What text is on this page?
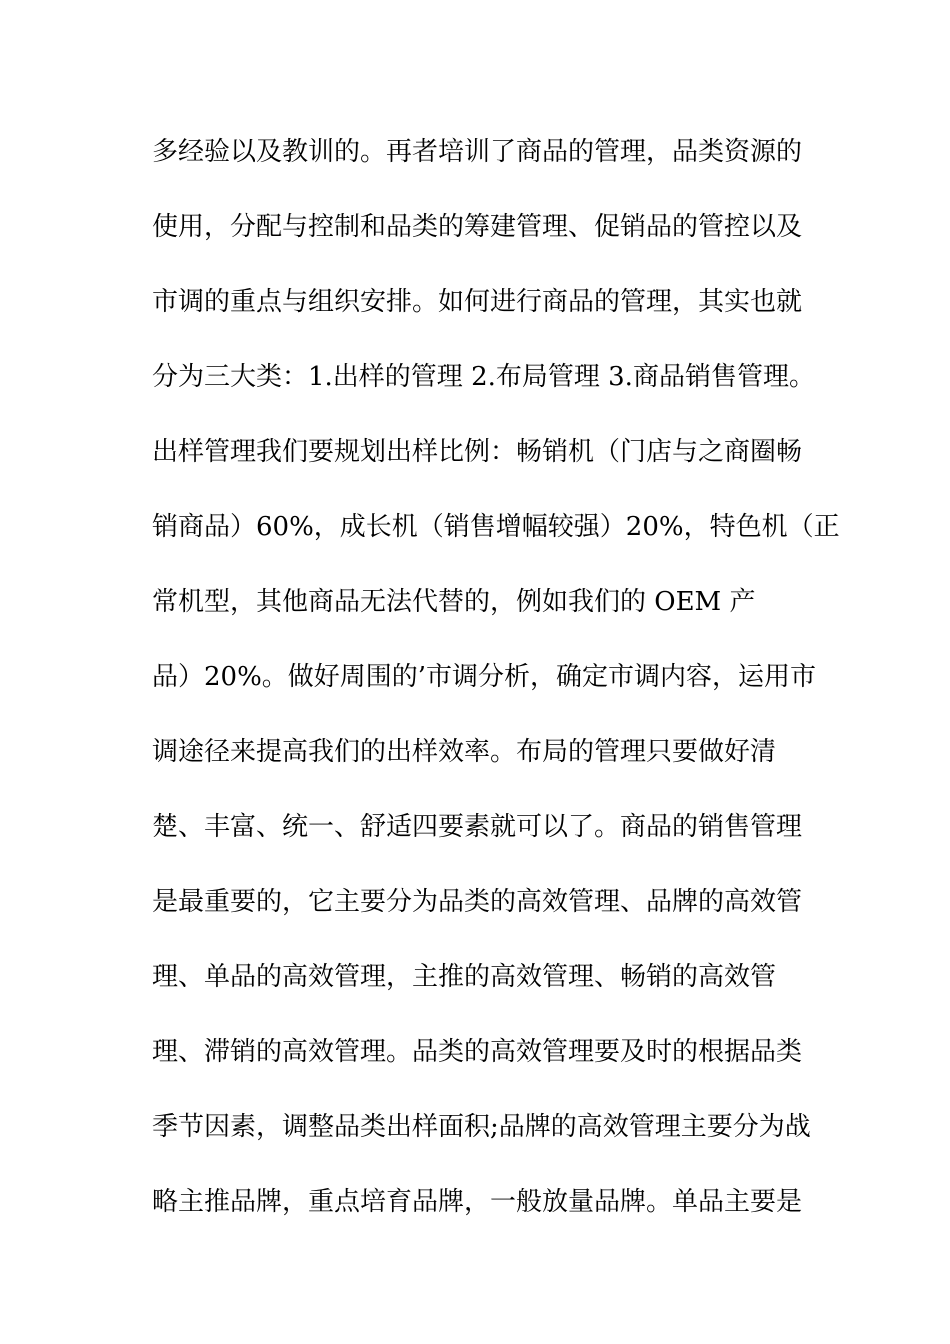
多经验以及教训的。再者培训了商品的管理，品类资源的
使用，分配与控制和品类的筹建管理、促销品的管控以及
市调的重点与组织安排。如何进行商品的管理，其实也就
分为三大类：1.出样的管理 2.布局管理 3.商品销售管理。
出样管理我们要规划出样比例：畅销机（门店与之商圈畅
销商品）60%，成长机（销售增幅较强）20%，特色机（正
常机型，其他商品无法代替的，例如我们的 OEM 产
品）20%。做好周围的’市调分析，确定市调内容，运用市
调途径来提高我们的出样效率。布局的管理只要做好清
楚、丰富、统一、舒适四要素就可以了。商品的销售管理
是最重要的，它主要分为品类的高效管理、品牌的高效管
理、单品的高效管理，主推的高效管理、畅销的高效管
理、滞销的高效管理。品类的高效管理要及时的根据品类
季节因素，调整品类出样面积;品牌的高效管理主要分为战
略主推品牌，重点培育品牌，一般放量品牌。单品主要是
